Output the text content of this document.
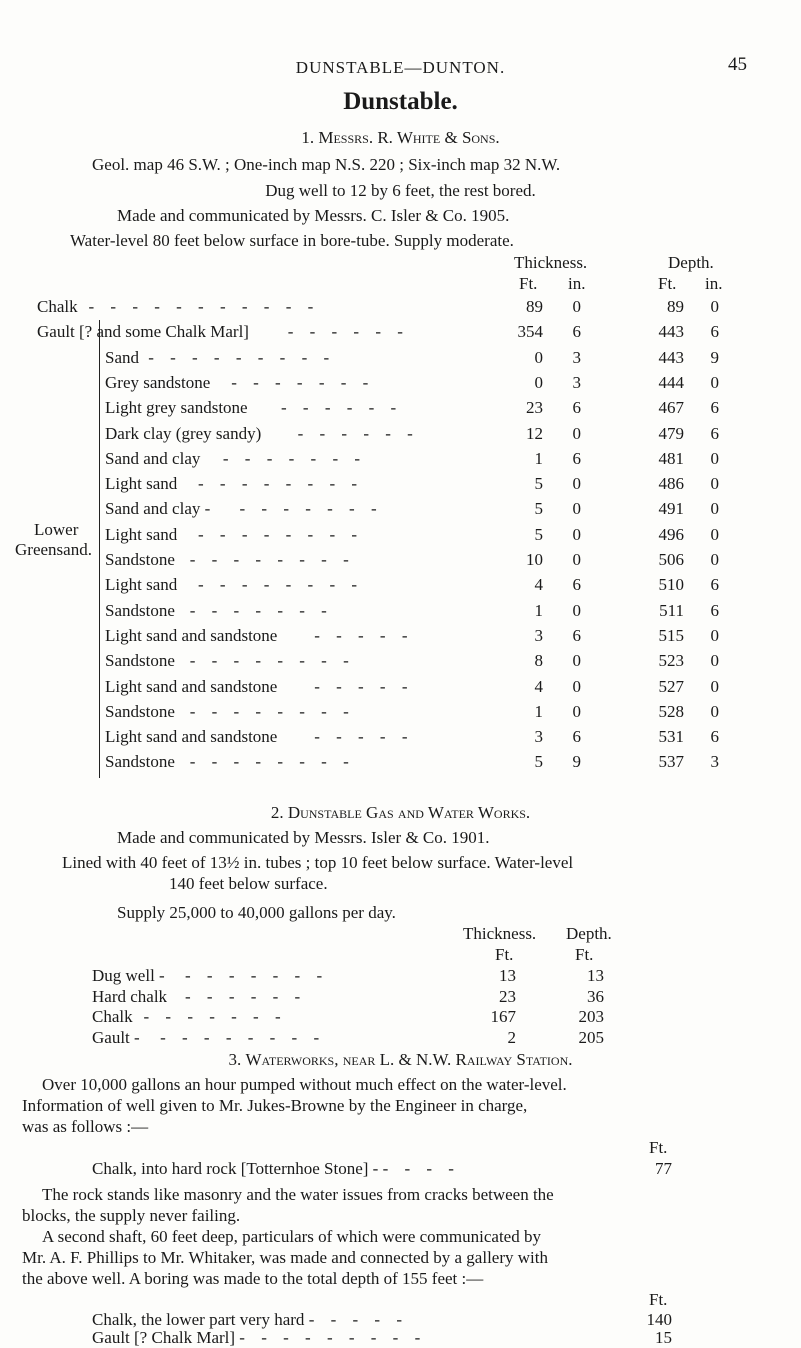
DUNSTABLE—DUNTON.	45
Dunstable.
1. Messrs. R. White & Sons.
Geol. map 46 S.W. ; One-inch map N.S. 220 ; Six-inch map 32 N.W.
Dug well to 12 by 6 feet, the rest bored.
Made and communicated by Messrs. C. Isler & Co. 1905.
Water-level 80 feet below surface in bore-tube. Supply moderate.
Thickness.	Depth.
Ft. in.	Ft. in.
Lower
Greensand.
Chalk - - - - - - - - - - -	89	0	89	0
Gault [? and some Chalk Marl] - - - - - -	354	6	443	6
Sand - - - - - - - - -	0	3	443	9
Grey sandstone - - - - - - -	0	3	444	0
Light grey sandstone - - - - - -	23	6	467	6
Dark clay (grey sandy) - - - - - -	12	0	479	6
Sand and clay - - - - - - -	1	6	481	0
Light sand - - - - - - - -	5	0	486	0
Sand and clay - - - - - - - -	5	0	491	0
Light sand - - - - - - - -	5	0	496	0
Sandstone - - - - - - - -	10	0	506	0
Light sand - - - - - - - -	4	6	510	6
Sandstone - - - - - - -	1	0	511	6
Light sand and sandstone - - - - -	3	6	515	0
Sandstone - - - - - - - -	8	0	523	0
Light sand and sandstone - - - - -	4	0	527	0
Sandstone - - - - - - - -	1	0	528	0
Light sand and sandstone - - - - -	3	6	531	6
Sandstone - - - - - - - -	5	9	537	3
2. Dunstable Gas and Water Works.
Made and communicated by Messrs. Isler & Co. 1901.
Lined with 40 feet of 13½ in. tubes ; top 10 feet below surface. Water-level
140 feet below surface.
Supply 25,000 to 40,000 gallons per day.
Thickness. Depth.
Ft.	Ft.
Dug well - - - - - - - -	13	13
Hard chalk - - - - - -	23	36
Chalk - - - - - - -	167	203
Gault - - - - - - - - -	2	205
3. Waterworks, near L. & N.W. Railway Station.
Over 10,000 gallons an hour pumped without much effect on the water-level.
Information of well given to Mr. Jukes-Browne by the Engineer in charge,
was as follows :—
Ft.
Chalk, into hard rock [Totternhoe Stone] - - - - -	77
The rock stands like masonry and the water issues from cracks between the
blocks, the supply never failing.
A second shaft, 60 feet deep, particulars of which were communicated by
Mr. A. F. Phillips to Mr. Whitaker, was made and connected by a gallery with
the above well. A boring was made to the total depth of 155 feet :—
Ft.
Chalk, the lower part very hard - - - - -	140
Gault [? Chalk Marl] - - - - - - - - -	15
